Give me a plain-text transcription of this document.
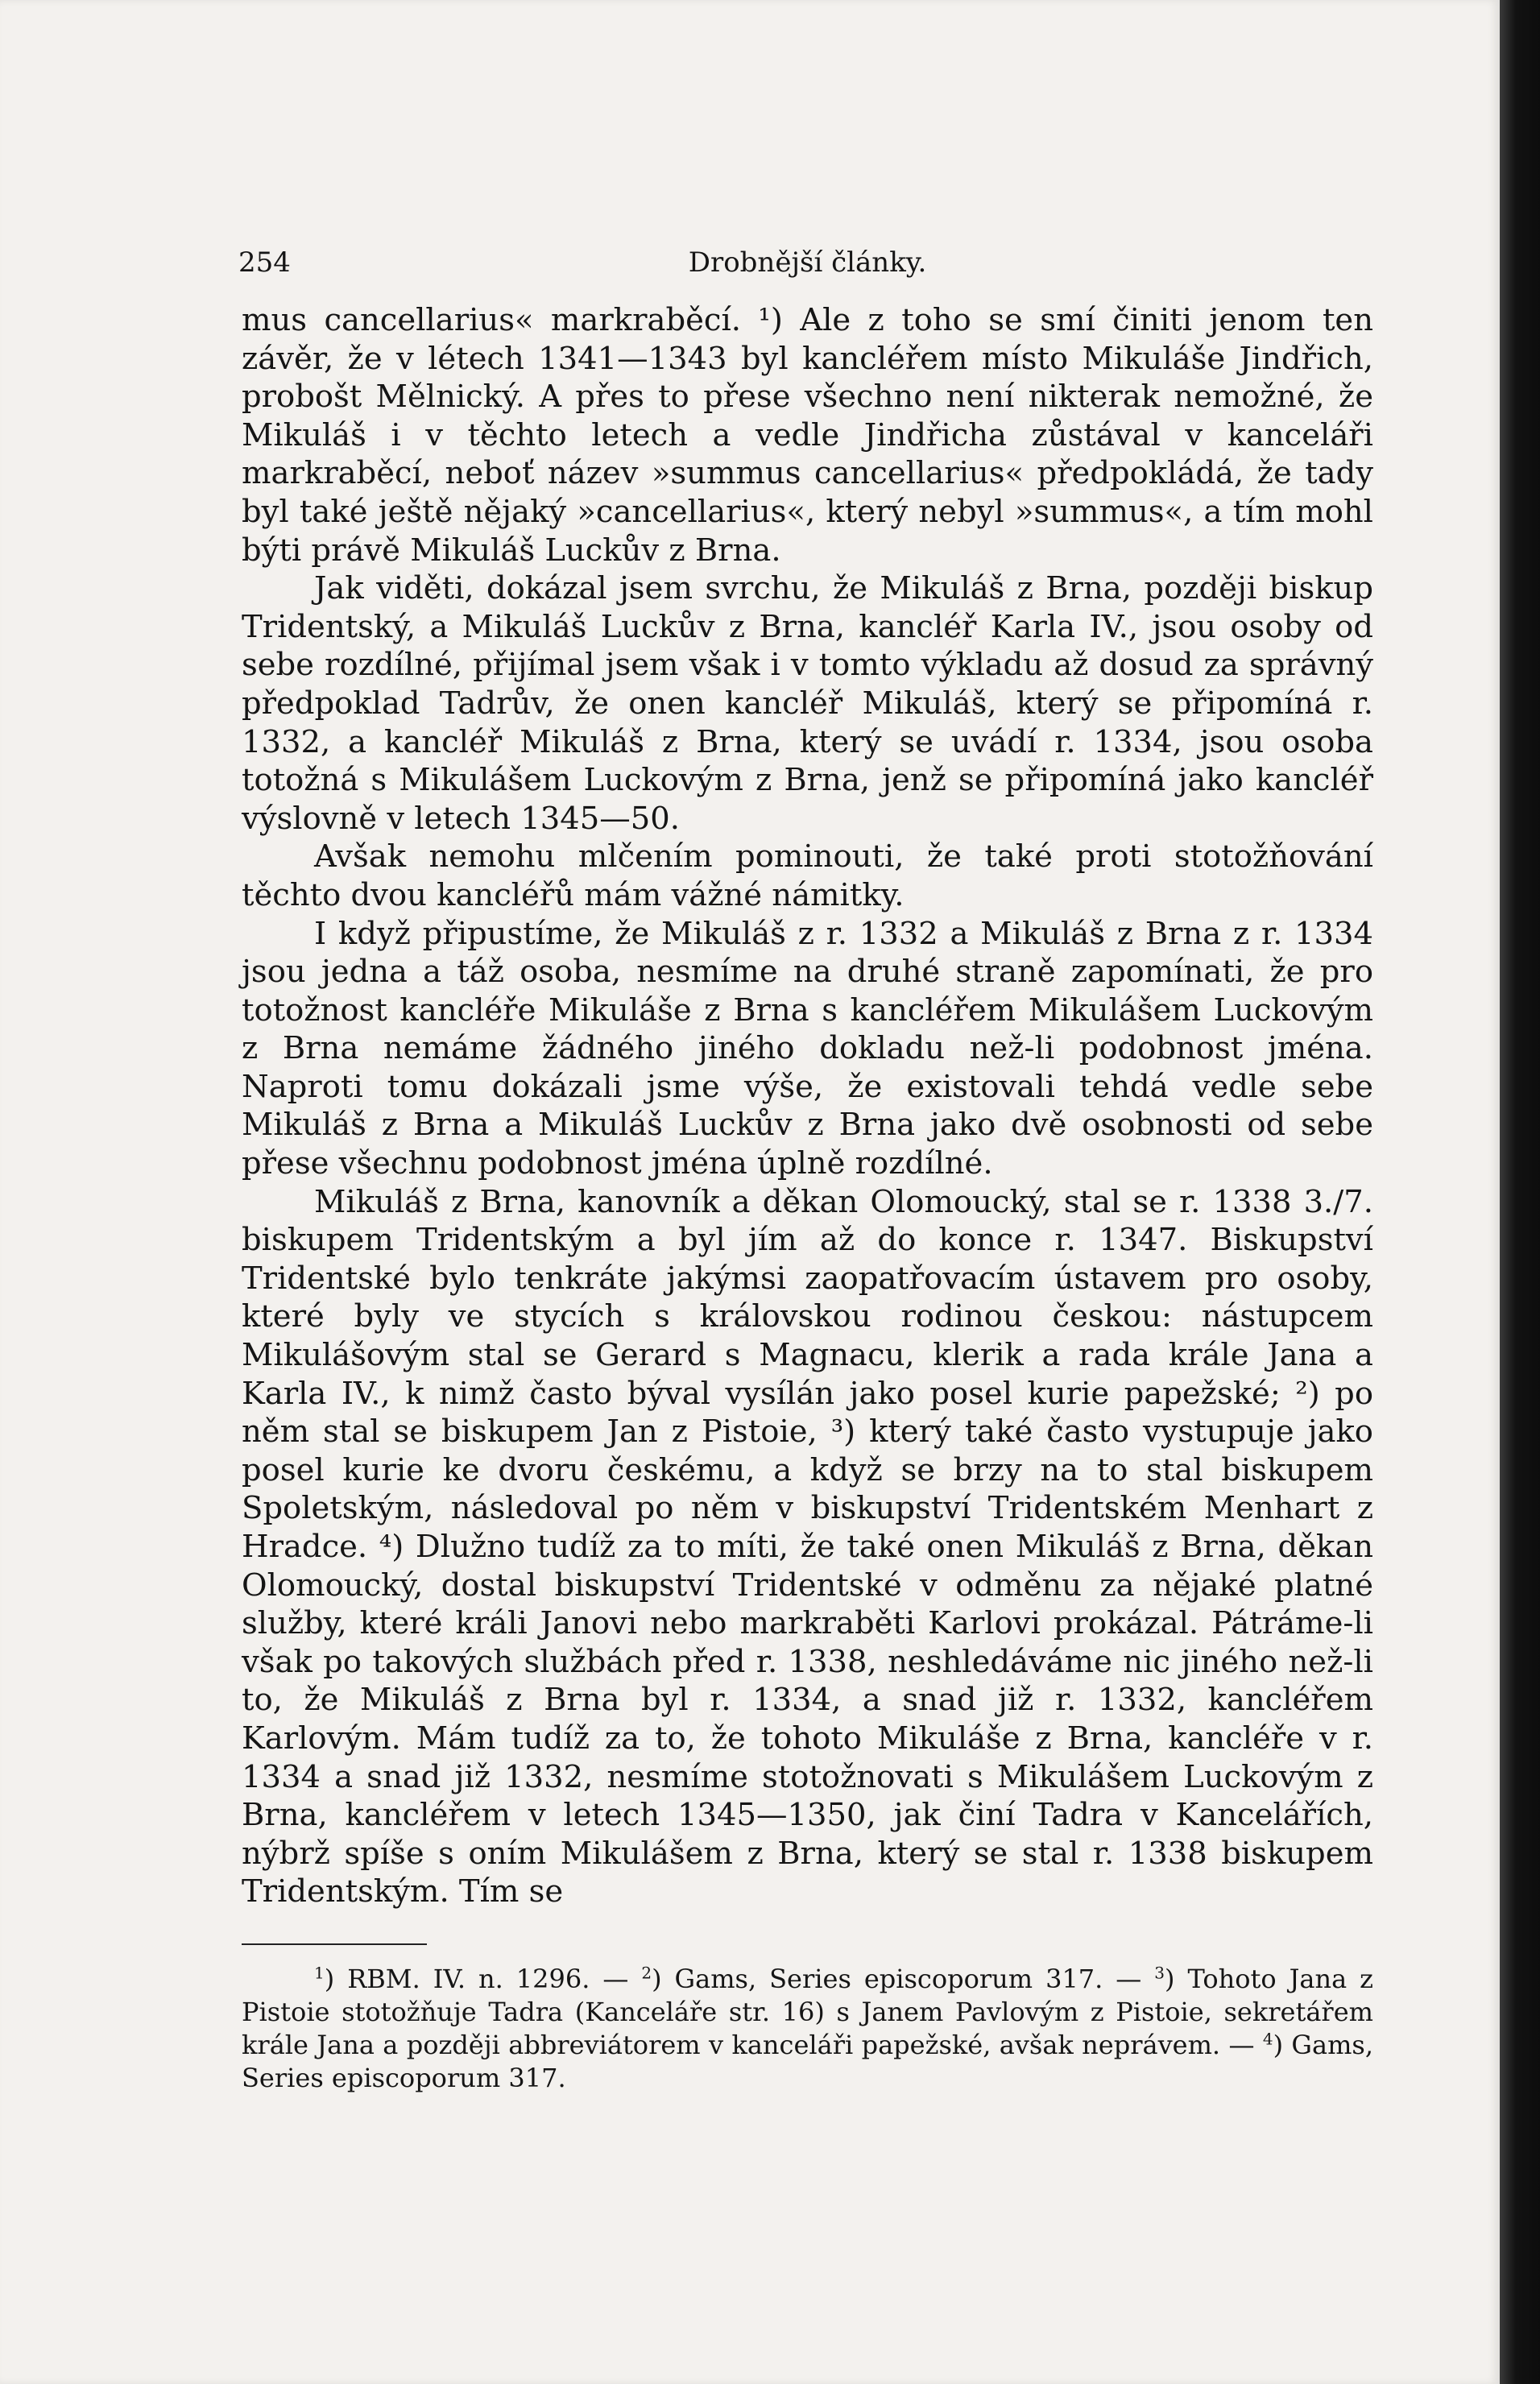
254	Drobnější články.

mus cancellarius« markraběcí. ¹) Ale z toho se smí činiti jenom ten závěr, že v létech 1341—1343 byl kancléřem místo Mikuláše Jindřich, probošt Mělnický. A přes to přese všechno není nikterak nemožné, že Mikuláš i v těchto letech a vedle Jindřicha zůstával v kanceláři markraběcí, neboť název »summus cancellarius« předpokládá, že tady byl také ještě nějaký »cancellarius«, který nebyl »summus«, a tím mohl býti právě Mikuláš Luckův z Brna.

Jak viděti, dokázal jsem svrchu, že Mikuláš z Brna, později biskup Tridentský, a Mikuláš Luckův z Brna, kancléř Karla IV., jsou osoby od sebe rozdílné, přijímal jsem však i v tomto výkladu až dosud za správný předpoklad Tadrův, že onen kancléř Mikuláš, který se připomíná r. 1332, a kancléř Mikuláš z Brna, který se uvádí r. 1334, jsou osoba totožná s Mikulášem Luckovým z Brna, jenž se připomíná jako kancléř výslovně v letech 1345—50.

Avšak nemohu mlčením pominouti, že také proti stotožňování těchto dvou kancléřů mám vážné námitky.

I když připustíme, že Mikuláš z r. 1332 a Mikuláš z Brna z r. 1334 jsou jedna a táž osoba, nesmíme na druhé straně zapomínati, že pro totožnost kancléře Mikuláše z Brna s kancléřem Mikulášem Luckovým z Brna nemáme žádného jiného dokladu než-li podobnost jména. Naproti tomu dokázali jsme výše, že existovali tehdá vedle sebe Mikuláš z Brna a Mikuláš Luckův z Brna jako dvě osobnosti od sebe přese všechnu podobnost jména úplně rozdílné.

Mikuláš z Brna, kanovník a děkan Olomoucký, stal se r. 1338 3./7. biskupem Tridentským a byl jím až do konce r. 1347. Biskupství Tridentské bylo tenkráte jakýmsi zaopatřovacím ústavem pro osoby, které byly ve stycích s královskou rodinou českou: nástupcem Mikulášovým stal se Gerard s Magnacu, klerik a rada krále Jana a Karla IV., k nimž často býval vysílán jako posel kurie papežské; ²) po něm stal se biskupem Jan z Pistoie, ³) který také často vystupuje jako posel kurie ke dvoru českému, a když se brzy na to stal biskupem Spoletským, následoval po něm v biskupství Tridentském Menhart z Hradce. ⁴) Dlužno tudíž za to míti, že také onen Mikuláš z Brna, děkan Olomoucký, dostal biskupství Tridentské v odměnu za nějaké platné služby, které králi Janovi nebo markraběti Karlovi prokázal. Pátráme-li však po takových službách před r. 1338, neshledáváme nic jiného než-li to, že Mikuláš z Brna byl r. 1334, a snad již r. 1332, kancléřem Karlovým. Mám tudíž za to, že tohoto Mikuláše z Brna, kancléře v r. 1334 a snad již 1332, nesmíme stotožnovati s Mikulášem Luckovým z Brna, kancléřem v letech 1345—1350, jak činí Tadra v Kancelářích, nýbrž spíše s oním Mikulášem z Brna, který se stal r. 1338 biskupem Tridentským. Tím se

$^1$) RBM. IV. n. 1296. — $^2$) Gams, Series episcoporum 317. — $^3$) Tohoto Jana z Pistoie stotožňuje Tadra (Kanceláře str. 16) s Janem Pavlovým z Pistoie, sekretářem krále Jana a později abbreviátorem v kanceláři papežské, avšak neprávem. — $^4$) Gams, Series episcoporum 317.
